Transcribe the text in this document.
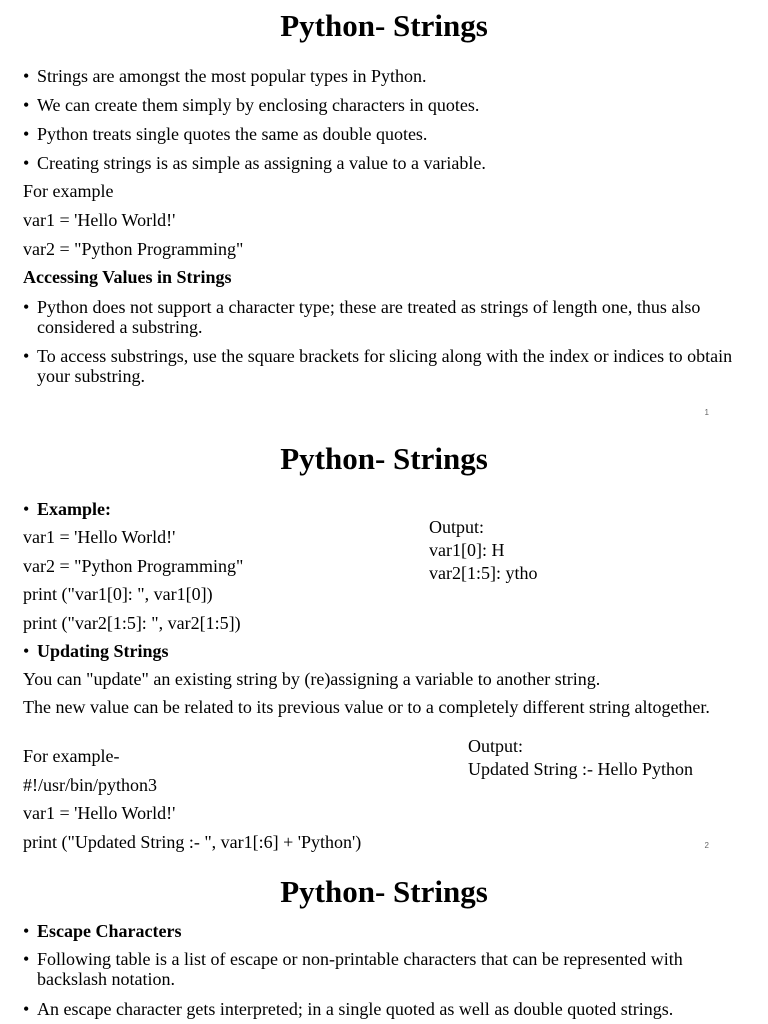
Python- Strings
• Strings are amongst the most popular types in Python.
• We can create them simply by enclosing characters in quotes.
• Python treats single quotes the same as double quotes.
• Creating strings is as simple as assigning a value to a variable.
For example
var1 = 'Hello World!'
var2 = "Python Programming"
Accessing Values in Strings
• Python does not support a character type; these are treated as strings of length one, thus also considered a substring.
• To access substrings, use the square brackets for slicing along with the index or indices to obtain your substring.
1
Python- Strings
• Example:
var1 = 'Hello World!'
var2 = "Python Programming"
print ("var1[0]: ", var1[0])
print ("var2[1:5]: ", var2[1:5])
Output:
var1[0]: H
var2[1:5]: ytho
• Updating Strings
You can "update" an existing string by (re)assigning a variable to another string.
The new value can be related to its previous value or to a completely different string altogether.
For example-
#!/usr/bin/python3
var1 = 'Hello World!'
print ("Updated String :- ", var1[:6] + 'Python')
Output:
Updated String :- Hello Python
2
Python- Strings
• Escape Characters
• Following table is a list of escape or non-printable characters that can be represented with backslash notation.
• An escape character gets interpreted; in a single quoted as well as double quoted strings.
